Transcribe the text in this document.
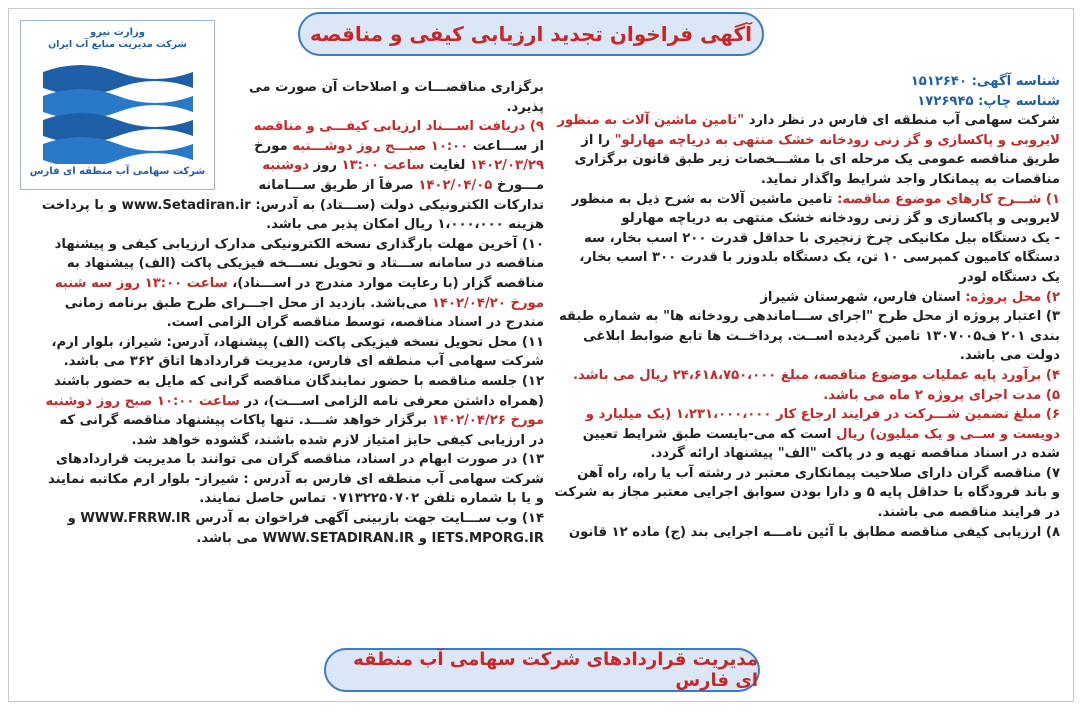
آگهی فراخوان تجدید ارزیابی کیفی و مناقصه
وزارت نیرو
شرکت مدیریت منابع آب ایران
شرکت سهامی آب منطقه ای فارس
شناسه آگهی: ۱۵۱۲۶۴۰
شناسه چاپ: ۱۷۲۶۹۴۵
شرکت سهامی آب منطقه ای فارس در نظر دارد "تامین ماشین آلات به منظور
لایروبی و پاکسازی و گز زنی رودخانه خشک منتهی به دریاچه مهارلو" را از
طریق مناقصه عمومی یک مرحله ای با مشـــخصات زیر طبق قانون برگزاری
مناقصات به پیمانکار واجد شرایط واگذار نماید.
۱) شـــرح کارهای موضوع مناقصه: تامین ماشین آلات به شرح ذیل به منظور
لایروبی و پاکسازی و گز زنی رودخانه خشک منتهی به دریاچه مهارلو
- یک دستگاه بیل مکانیکی چرخ زنجیری با حداقل قدرت ۲۰۰ اسب بخار، سه
دستگاه کامیون کمپرسی ۱۰ تن، یک دستگاه بلدوزر با قدرت ۳۰۰ اسب بخار،
یک دستگاه لودر
۲) محل پروژه: استان فارس، شهرستان شیراز
۳) اعتبار پروژه از محل طرح "اجرای ســـاماندهی رودخانه ها" به شماره طبقه
بندی ۲۰۱ ف۱۳۰۷۰۰۵ تامین گردیده اســت. پرداخــت ها تابع ضوابط ابلاغی
دولت می باشد.
۴) برآورد پایه عملیات موضوع مناقصه، مبلغ ۲۴،۶۱۸،۷۵۰،۰۰۰ ریال می باشد.
۵) مدت اجرای پروژه ۲ ماه می باشد.
۶) مبلغ تضمین شـــرکت در فرایند ارجاع کار ۱،۲۳۱،۰۰۰،۰۰۰ (یک میلیارد و
دویست و ســی و یک میلیون) ریال است که می-بایست طبق شرایط تعیین
شده در اسناد مناقصه تهیه و در پاکت "الف" پیشنهاد ارائه گردد.
۷) مناقصه گران دارای صلاحیت پیمانکاری معتبر در رشته آب یا راه، راه آهن
و باند فرودگاه با حداقل پایه ۵ و دارا بودن سوابق اجرایی معتبر مجاز به شرکت
در فرایند مناقصه می باشند.
۸) ارزیابی کیفی مناقصه مطابق با آئین نامـــه اجرایی بند (ج) ماده ۱۲ قانون
برگزاری مناقصـــات و اصلاحات آن صورت می
پذیرد.
۹) دریافت اســـناد ارزیابی کیفـــی و مناقصه
از ســـاعت ۱۰:۰۰ صبـــح روز دوشـــنبه مورخ
۱۴۰۲/۰۳/۲۹ لغایت ساعت ۱۳:۰۰ روز دوشنبه
مـــورخ ۱۴۰۲/۰۴/۰۵ صرفاً از طریق ســـامانه
تدارکات الکترونیکی دولت (ســـتاد) به آدرس: www.Setadiran.ir و با پرداخت
هزینه ۱،۰۰۰،۰۰۰ ریال امکان پذیر می باشد.
۱۰) آخرین مهلت بارگذاری نسخه الکترونیکی مدارک ارزیابی کیفی و پیشنهاد
مناقصه در سامانه ســـتاد و تحویل نســـخه فیزیکی پاکت (الف) پیشنهاد به
مناقصه گزار (با رعایت موارد مندرج در اســـناد)، ساعت ۱۳:۰۰ روز سه شنبه
مورخ ۱۴۰۲/۰۴/۲۰ می‌باشد. بازدید از محل اجـــرای طرح طبق برنامه زمانی
مندرج در اسناد مناقصه، توسط مناقصه گران الزامی است.
۱۱) محل تحویل نسخه فیزیکی پاکت (الف) پیشنهاد، آدرس: شیراز، بلوار ارم،
شرکت سهامی آب منطقه ای فارس، مدیریت قراردادها اتاق ۳۶۲ می باشد.
۱۲) جلسه مناقصه با حضور نمایندگان مناقصه گرانی که مایل به حضور باشند
(همراه داشتن معرفی نامه الزامی اســـت)، در ساعت ۱۰:۰۰ صبح روز دوشنبه
مورخ ۱۴۰۲/۰۴/۲۶ برگزار خواهد شـــد. تنها پاکات پیشنهاد مناقصه گرانی که
در ارزیابی کیفی حایز امتیاز لازم شده باشند، گشوده خواهد شد.
۱۳) در صورت ابهام در اسناد، مناقصه گران می توانند با مدیریت قراردادهای
شرکت سهامی آب منطقه ای فارس به آدرس : شیراز- بلوار ارم مکاتبه نمایند
و یا با شماره تلفن ۰۷۱۳۲۲۵۰۷۰۲ تماس حاصل نمایند.
۱۴) وب ســـایت جهت بازبینی آگهی فراخوان به آدرس WWW.FRRW.IR و
IETS.MPORG.IR و WWW.SETADIRAN.IR می باشد.
مدیریت قراردادهای شرکت سهامی آب منطقه ای فارس
